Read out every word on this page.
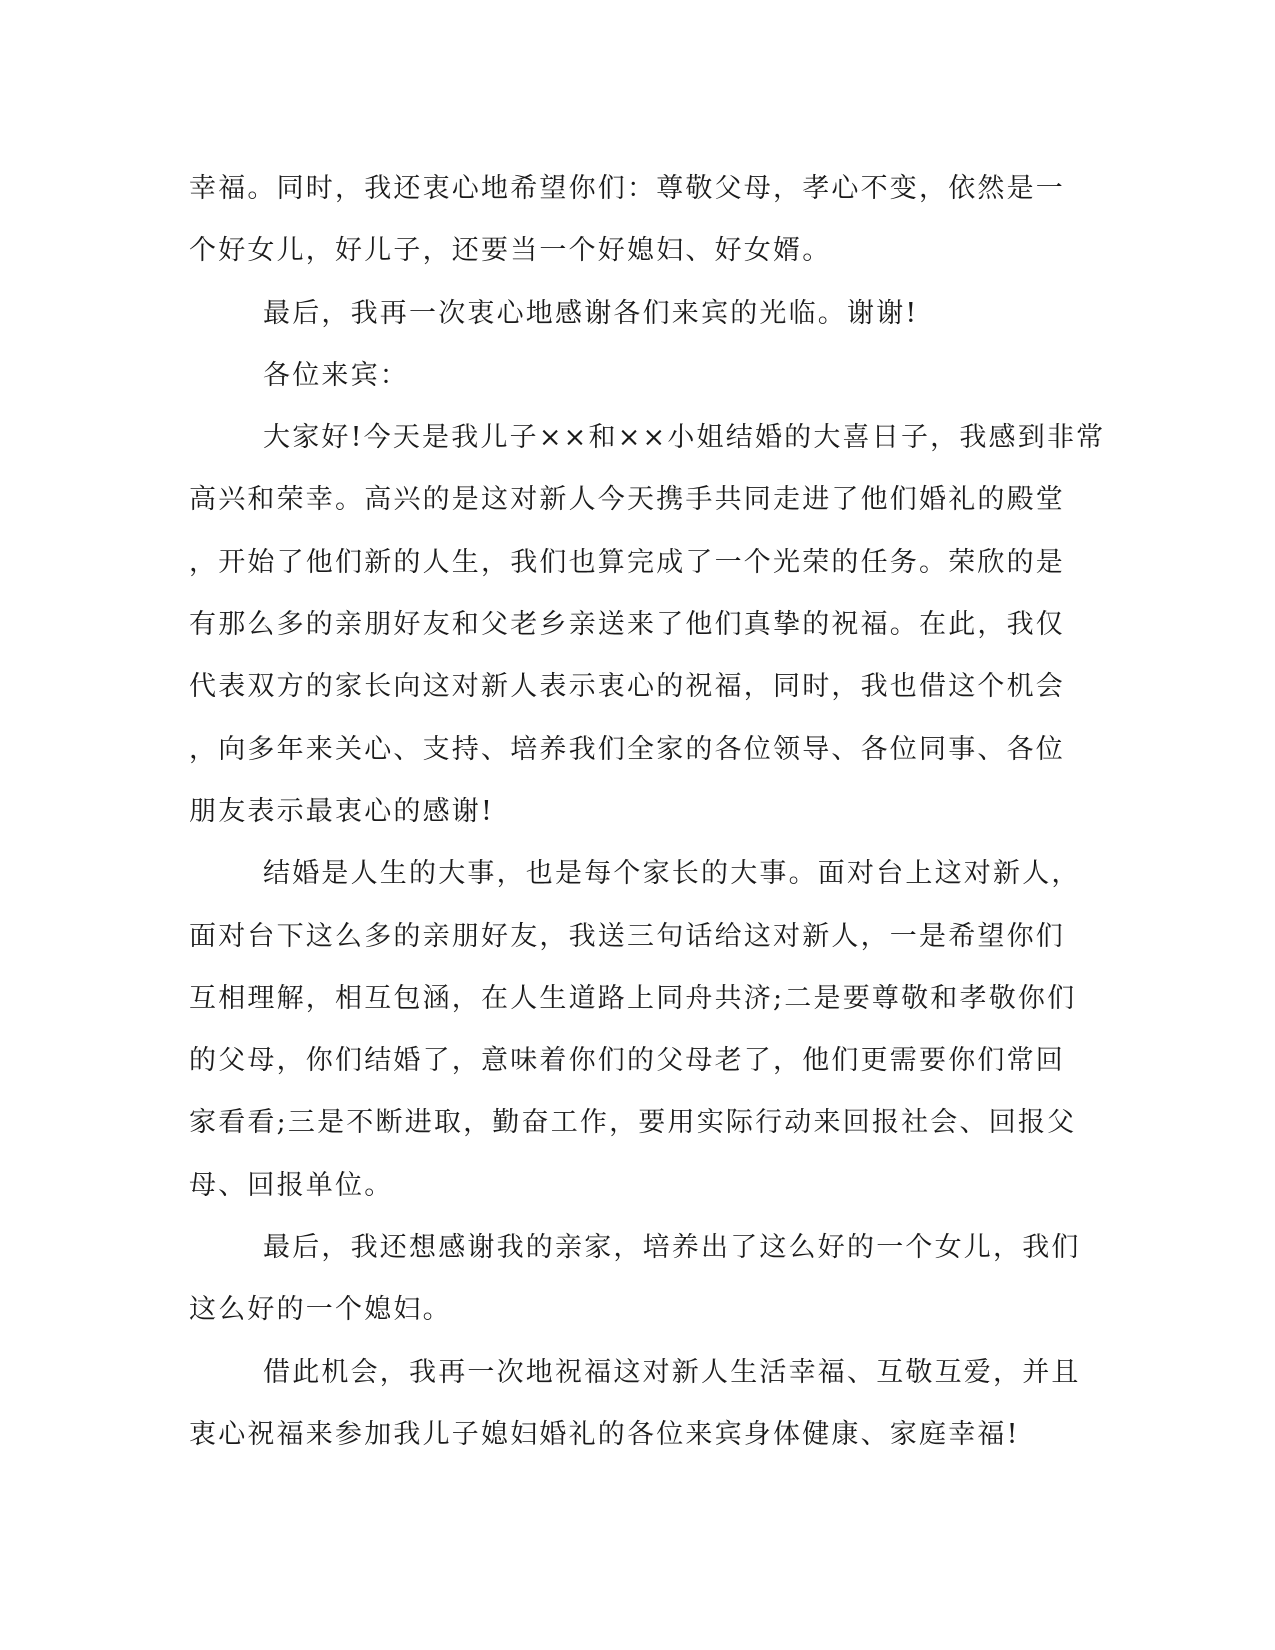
幸福。同时，我还衷心地希望你们：尊敬父母，孝心不变，依然是一
个好女儿，好儿子，还要当一个好媳妇、好女婿。
最后，我再一次衷心地感谢各们来宾的光临。谢谢!
各位来宾：
大家好!今天是我儿子××和××小姐结婚的大喜日子，我感到非常
高兴和荣幸。高兴的是这对新人今天携手共同走进了他们婚礼的殿堂
，开始了他们新的人生，我们也算完成了一个光荣的任务。荣欣的是
有那么多的亲朋好友和父老乡亲送来了他们真挚的祝福。在此，我仅
代表双方的家长向这对新人表示衷心的祝福，同时，我也借这个机会
，向多年来关心、支持、培养我们全家的各位领导、各位同事、各位
朋友表示最衷心的感谢!
结婚是人生的大事，也是每个家长的大事。面对台上这对新人，
面对台下这么多的亲朋好友，我送三句话给这对新人，一是希望你们
互相理解，相互包涵，在人生道路上同舟共济;二是要尊敬和孝敬你们
的父母，你们结婚了，意味着你们的父母老了，他们更需要你们常回
家看看;三是不断进取，勤奋工作，要用实际行动来回报社会、回报父
母、回报单位。
最后，我还想感谢我的亲家，培养出了这么好的一个女儿，我们
这么好的一个媳妇。
借此机会，我再一次地祝福这对新人生活幸福、互敬互爱，并且
衷心祝福来参加我儿子媳妇婚礼的各位来宾身体健康、家庭幸福!
